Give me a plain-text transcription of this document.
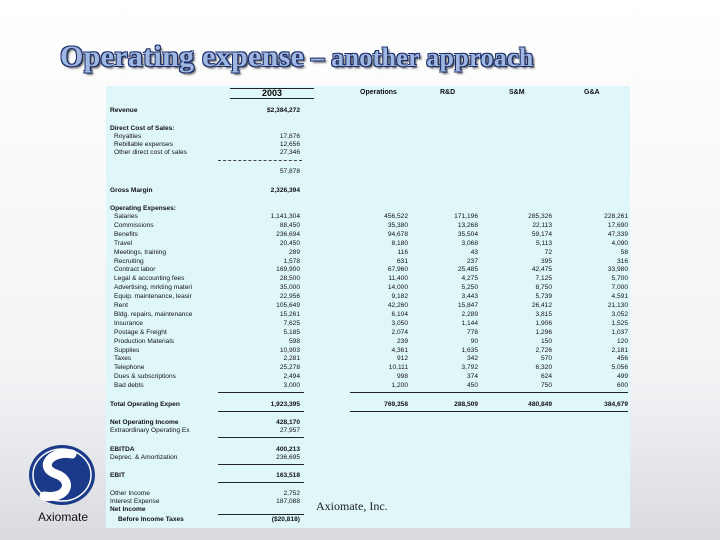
Operating expense – another approach
2003	Operations	R&D	S&M	G&A
Revenue	$2,384,272
Direct Cost of Sales:
Royalties	17,876
Rebillable expenses	12,656
Other direct cost of sales	27,346
57,878
Gross Margin	2,326,394
Operating Expenses:
Salaries	1,141,304	456,522	171,196	285,326	228,261
Commissions	88,450	35,380	13,268	22,113	17,690
Benefits	236,694	94,678	35,504	59,174	47,339
Travel	20,450	8,180	3,068	5,113	4,090
Meetings, training	289	116	43	72	58
Recruiting	1,578	631	237	395	316
Contract labor	169,900	67,960	25,485	42,475	33,980
Legal & accounting fees	28,500	11,400	4,275	7,125	5,700
Advertising, mrkting materi	35,000	14,000	5,250	8,750	7,000
Equip. maintenance, leasir	22,956	9,182	3,443	5,739	4,591
Rent	105,649	42,260	15,847	26,412	21,130
Bldg. repairs, maintenance	15,261	6,104	2,289	3,815	3,052
Insurance	7,625	3,050	1,144	1,906	1,525
Postage & Freight	5,185	2,074	778	1,296	1,037
Production Materials	598	239	90	150	120
Supplies	10,903	4,361	1,635	2,726	2,181
Taxes	2,281	912	342	570	456
Telephone	25,278	10,111	3,792	6,320	5,056
Dues & subscriptions	2,494	998	374	624	499
Bad debts	3,000	1,200	450	750	600
Total Operating Expen	1,923,395	769,358	288,509	480,849	384,679
Net Operating Income	428,170
Extraordinary Operating Ex	27,957
EBITDA	400,213
Deprec. & Amortization	236,695
EBIT	163,518
Other Income	2,752
Interest Expense	187,088
Net Income
Before Income Taxes	($20,818)
Axiomate, Inc.
Axiomate
